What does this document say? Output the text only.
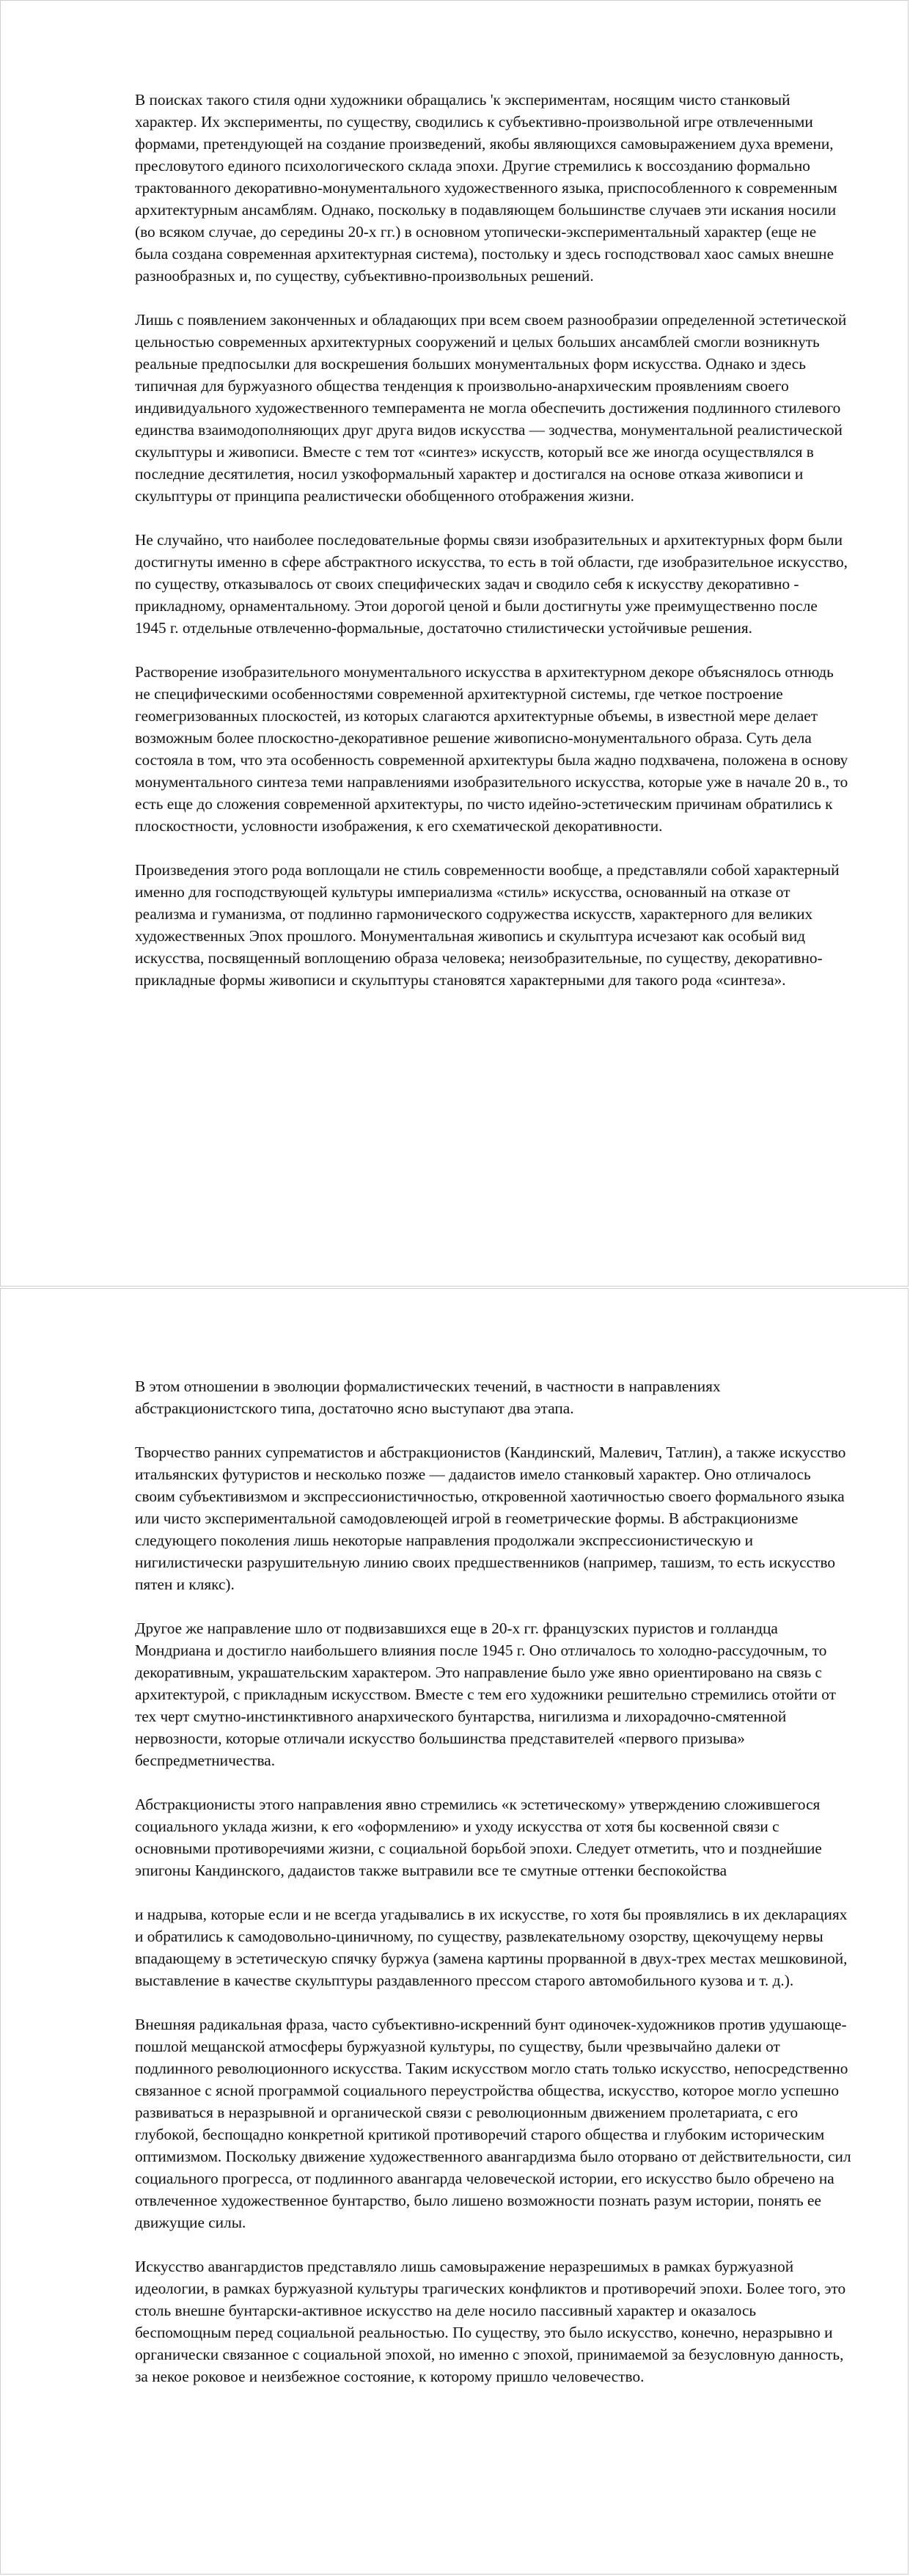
В поисках такого стиля одни художники обращались 'к экспериментам, носящим чисто станковый характер. Их эксперименты, по существу, сводились к субъективно-произвольной игре отвлеченными формами, претендующей на создание произведений, якобы являющихся самовыражением духа времени, пресловутого единого психологического склада эпохи. Другие стремились к воссозданию формально трактованного декоративно-монументального художественного языка, приспособленного к современным архитектурным ансамблям. Однако, поскольку в подавляющем большинстве случаев эти искания носили (во всяком случае, до середины 20-х гг.) в основном утопически-экспериментальный характер (еще не была создана современная архитектурная система), постольку и здесь господствовал хаос самых внешне разнообразных и, по существу, субъективно-произвольных решений.

Лишь с появлением законченных и обладающих при всем своем разнообразии определенной эстетической цельностью современных архитектурных сооружений и целых больших ансамблей смогли возникнуть реальные предпосылки для воскрешения больших монументальных форм искусства. Однако и здесь типичная для буржуазного общества тенденция к произвольно-анархическим проявлениям своего индивидуального художественного темперамента не могла обеспечить достижения подлинного стилевого единства взаимодополняющих друг друга видов искусства — зодчества, монументальной реалистической скульптуры и живописи. Вместе с тем тот «синтез» искусств, который все же иногда осуществлялся в последние десятилетия, носил узкоформальный характер и достигался на основе отказа живописи и скульптуры от принципа реалистически обобщенного отображения жизни.

Не случайно, что наиболее последовательные формы связи изобразительных и архитектурных форм были достигнуты именно в сфере абстрактного искусства, то есть в той области, где изобразительное искусство, по существу, отказывалось от своих специфических задач и сводило себя к искусству декоративно - прикладному, орнаментальному. Этои дорогой ценой и были достигнуты уже преимущественно после 1945 г. отдельные отвлеченно-формальные, достаточно стилистически устойчивые решения.

Растворение изобразительного монументального искусства в архитектурном декоре объяснялось отнюдь не специфическими особенностями современной архитектурной системы, где четкое построение геомегризованных плоскостей, из которых слагаются архитектурные объемы, в известной мере делает возможным более плоскостно-декоративное решение живописно-монументального образа. Суть дела состояла в том, что эта особенность современной архитектуры была жадно подхвачена, положена в основу монументального синтеза теми направлениями изобразительного искусства, которые уже в начале 20 в., то есть еще до сложения современной архитектуры, по чисто идейно-эстетическим причинам обратились к плоскостности, условности изображения, к его схематической декоративности.

Произведения этого рода воплощали не стиль современности вообще, а представляли собой характерный именно для господствующей культуры империализма «стиль» искусства, основанный на отказе от реализма и гуманизма, от подлинно гармонического содружества искусств, характерного для великих художественных Эпох прошлого. Монументальная живопись и скульптура исчезают как особый вид искусства, посвященный воплощению образа человека; неизобразительные, по существу, декоративно-прикладные формы живописи и скульптуры становятся характерными для такого рода «синтеза».

В этом отношении в эволюции формалистических течений, в частности в направлениях абстракционистского типа, достаточно ясно выступают два этапа.

Творчество ранних супрематистов и абстракционистов (Кандинский, Малевич, Татлин), а также искусство итальянских футуристов и несколько позже — дадаистов имело станковый характер. Оно отличалось своим субъективизмом и экспрессионистичностью, откровенной хаотичностью своего формального языка или чисто экспериментальной самодовлеющей игрой в геометрические формы. В абстракционизме следующего поколения лишь некоторые направления продолжали экспрессионистическую и нигилистически разрушительную линию своих предшественников (например, ташизм, то есть искусство пятен и клякс).

Другое же направление шло от подвизавшихся еще в 20-х гг. французских пуристов и голландца Мондриана и достигло наибольшего влияния после 1945 г. Оно отличалось то холодно-рассудочным, то декоративным, украшательским характером. Это направление было уже явно ориентировано на связь с архитектурой, с прикладным искусством. Вместе с тем его художники решительно стремились отойти от тех черт смутно-инстинктивного анархического бунтарства, нигилизма и лихорадочно-смятенной нервозности, которые отличали искусство большинства представителей «первого призыва» беспредметничества.

Абстракционисты этого направления явно стремились «к эстетическому» утверждению сложившегося социального уклада жизни, к его «оформлению» и уходу искусства от хотя бы косвенной связи с основными противоречиями жизни, с социальной борьбой эпохи. Следует отметить, что и позднейшие эпигоны Кандинского, дадаистов также вытравили все те смутные оттенки беспокойства

и надрыва, которые если и не всегда угадывались в их искусстве, го хотя бы проявлялись в их декларациях и обратились к самодовольно-циничному, по существу, развлекательному озорству, щекочущему нервы впадающему в эстетическую спячку буржуа (замена картины прорванной в двух-трех местах мешковиной, выставление в качестве скульптуры раздавленного прессом старого автомобильного кузова и т. д.).

Внешняя радикальная фраза, часто субъективно-искренний бунт одиночек-художников против удушающе-пошлой мещанской атмосферы буржуазной культуры, по существу, были чрезвычайно далеки от подлинного революционного искусства. Таким искусством могло стать только искусство, непосредственно связанное с ясной программой социального переустройства общества, искусство, которое могло успешно развиваться в неразрывной и органической связи с революционным движением пролетариата, с его глубокой, беспощадно конкретной критикой противоречий старого общества и глубоким историческим оптимизмом. Поскольку движение художественного авангардизма было оторвано от действительности, сил социального прогресса, от подлинного авангарда человеческой истории, его искусство было обречено на отвлеченное художественное бунтарство, было лишено возможности познать разум истории, понять ее движущие силы.

Искусство авангардистов представляло лишь самовыражение неразрешимых в рамках буржуазной идеологии, в рамках буржуазной культуры трагических конфликтов и противоречий эпохи. Более того, это столь внешне бунтарски-активное искусство на деле носило пассивный характер и оказалось беспомощным перед социальной реальностью. По существу, это было искусство, конечно, неразрывно и органически связанное с социальной эпохой, но именно с эпохой, принимаемой за безусловную данность, за некое роковое и неизбежное состояние, к которому пришло человечество.
